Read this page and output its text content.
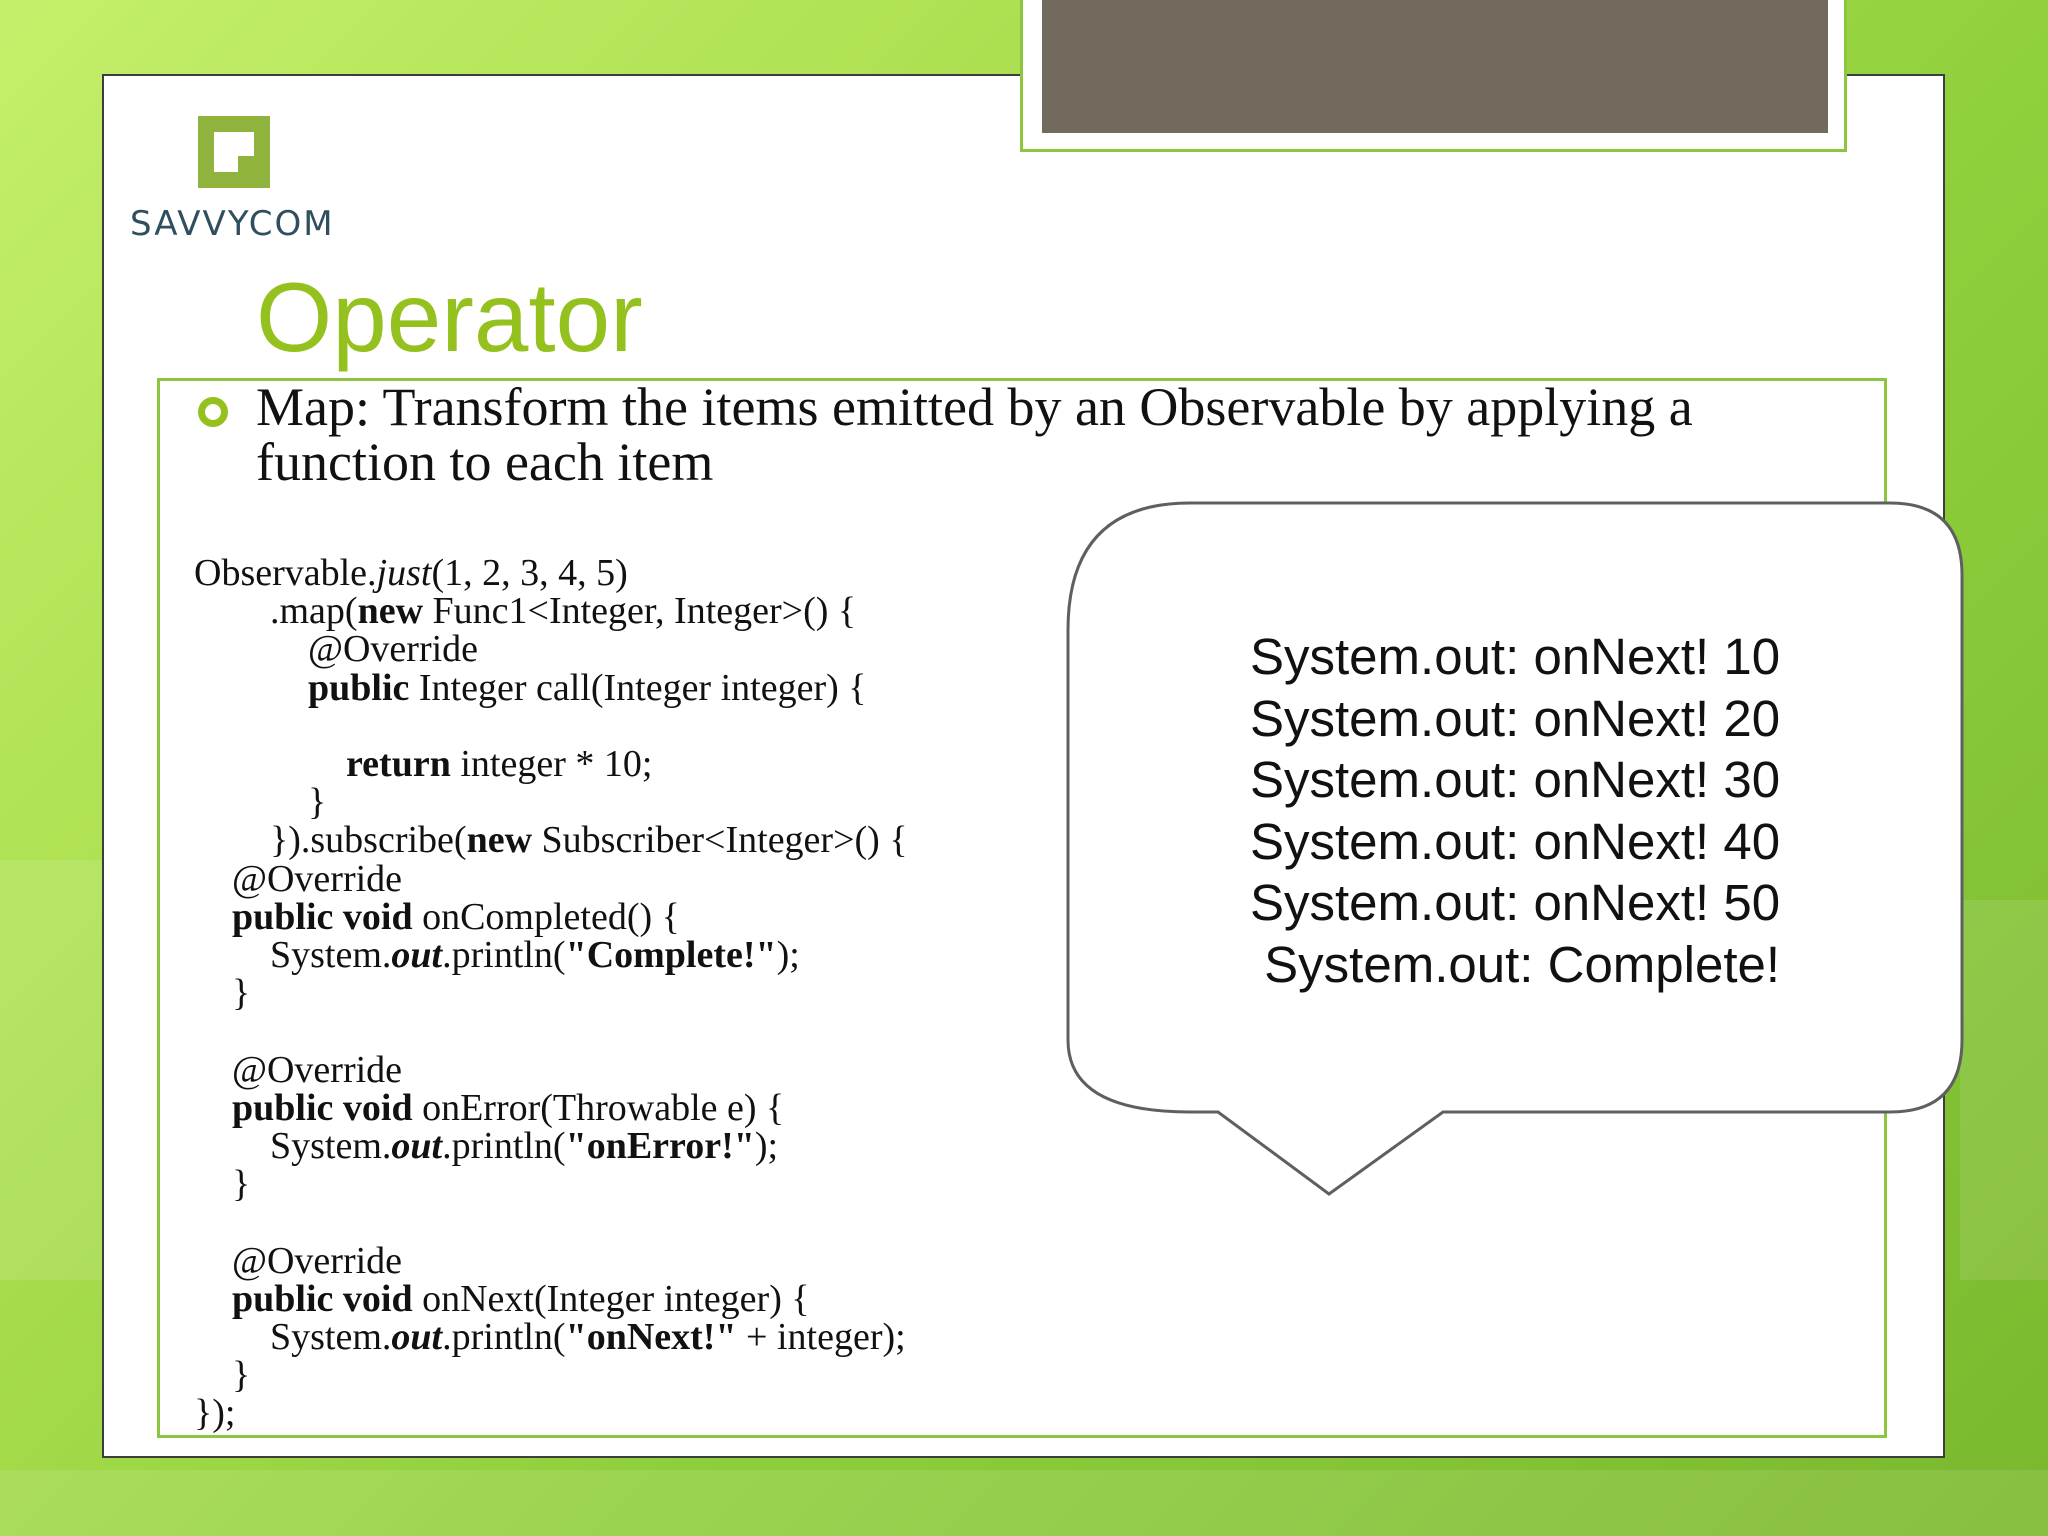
SAVVYCOM
Operator
Map: Transform the items emitted by an Observable by applying a function to each item
Observable.just(1, 2, 3, 4, 5)
.map(new Func1<Integer, Integer>() {
@Override
public Integer call(Integer integer) {

return integer * 10;
}
}).subscribe(new Subscriber<Integer>() {
@Override
public void onCompleted() {
System.out.println("Complete!");
}

@Override
public void onError(Throwable e) {
System.out.println("onError!");
}

@Override
public void onNext(Integer integer) {
System.out.println("onNext!" + integer);
}
});
System.out: onNext! 10
System.out: onNext! 20
System.out: onNext! 30
System.out: onNext! 40
System.out: onNext! 50
System.out: Complete!
